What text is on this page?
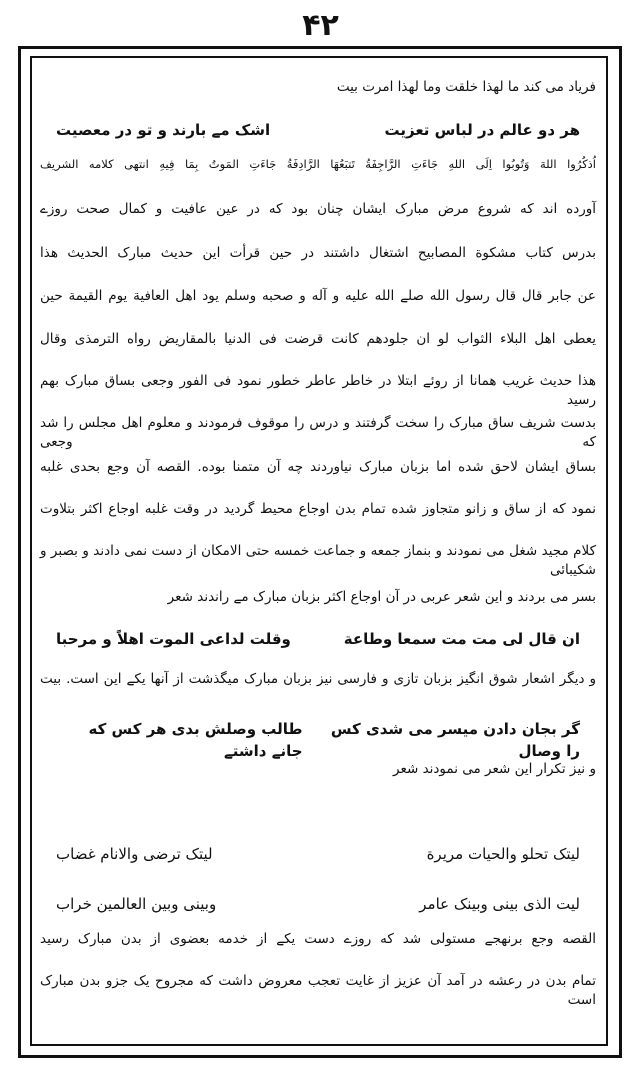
۴۲
فریاد می کند ما لهذا خلقت وما لهذا امرت بیت
هر دو عالم در لباس تعزیت
اشک مے بارند و تو در معصیت
اُذکُرُوا اللهَ وَتُوبُوا اِلَی اللهِ جَاءَتِ الرَّاجِفَةُ تَتبَعُهَا الرَّادِفَةُ جَاءَتِ المَوتُ بِمَا فِيهِ انتهی کلامه الشریف
آورده اند که شروع مرض مبارک ایشان چنان بود که در عین عافیت و کمال صحت روزے
بدرس کتاب مشکوة المصابیح اشتغال داشتند در حین قرأت این حدیث مبارک الحدیث هذا
عن جابر قال قال رسول الله صلے الله علیه و آله و صحبه وسلم یود اهل العافیة یوم القیمة حین
یعطی اهل البلاء الثواب لو ان جلودهم کانت قرضت فی الدنیا بالمقاریض رواه الترمذی وقال
هذا حدیث غریب همانا از روئے ابتلا در خاطر عاطر خطور نمود فی الفور وجعی بساق مبارک بهم رسید
بدست شریف ساق مبارک را سخت گرفتند و درس را موقوف فرمودند و معلوم اهل مجلس را شد که وجعی
بساق ایشان لاحق شده اما بزبان مبارک نیاوردند چه آن متمنا بوده. القصه آن وجع بحدی غلبه
نمود که از ساق و زانو متجاوز شده تمام بدن اوجاع محیط گردید در وقت غلبه اوجاع اکثر بتلاوت
کلام مجید شغل می نمودند و بنماز جمعه و جماعت خمسه حتی الامکان از دست نمی دادند و بصبر و شکیبائی
بسر می بردند و این شعر عربی در آن اوجاع اکثر بزبان مبارک مے راندند شعر
ان قال لی مت مت سمعا وطاعة
وقلت لداعی الموت اهلاً و مرحبا
و دیگر اشعار شوق انگیز بزبان تازی و فارسی نیز بزبان مبارک میگذشت از آنها یکے این است. بیت
گر بجان دادن میسر می شدی کس را وصال
طالب وصلش بدی هر کس که جانے داشتے
و نیز تکرار این شعر می نمودند شعر
لیتک تحلو والحیات مریرة
لیتک ترضی والانام غضاب
لیت الذی بینی وبینک عامر
وبینی وبین العالمین خراب
القصه وجع برنهجے مستولی شد که روزے دست یکے از خدمه بعضوی از بدن مبارک رسید
تمام بدن در رعشه در آمد آن عزیز از غایت تعجب معروض داشت که مجروح یک جزو بدن مبارک است
